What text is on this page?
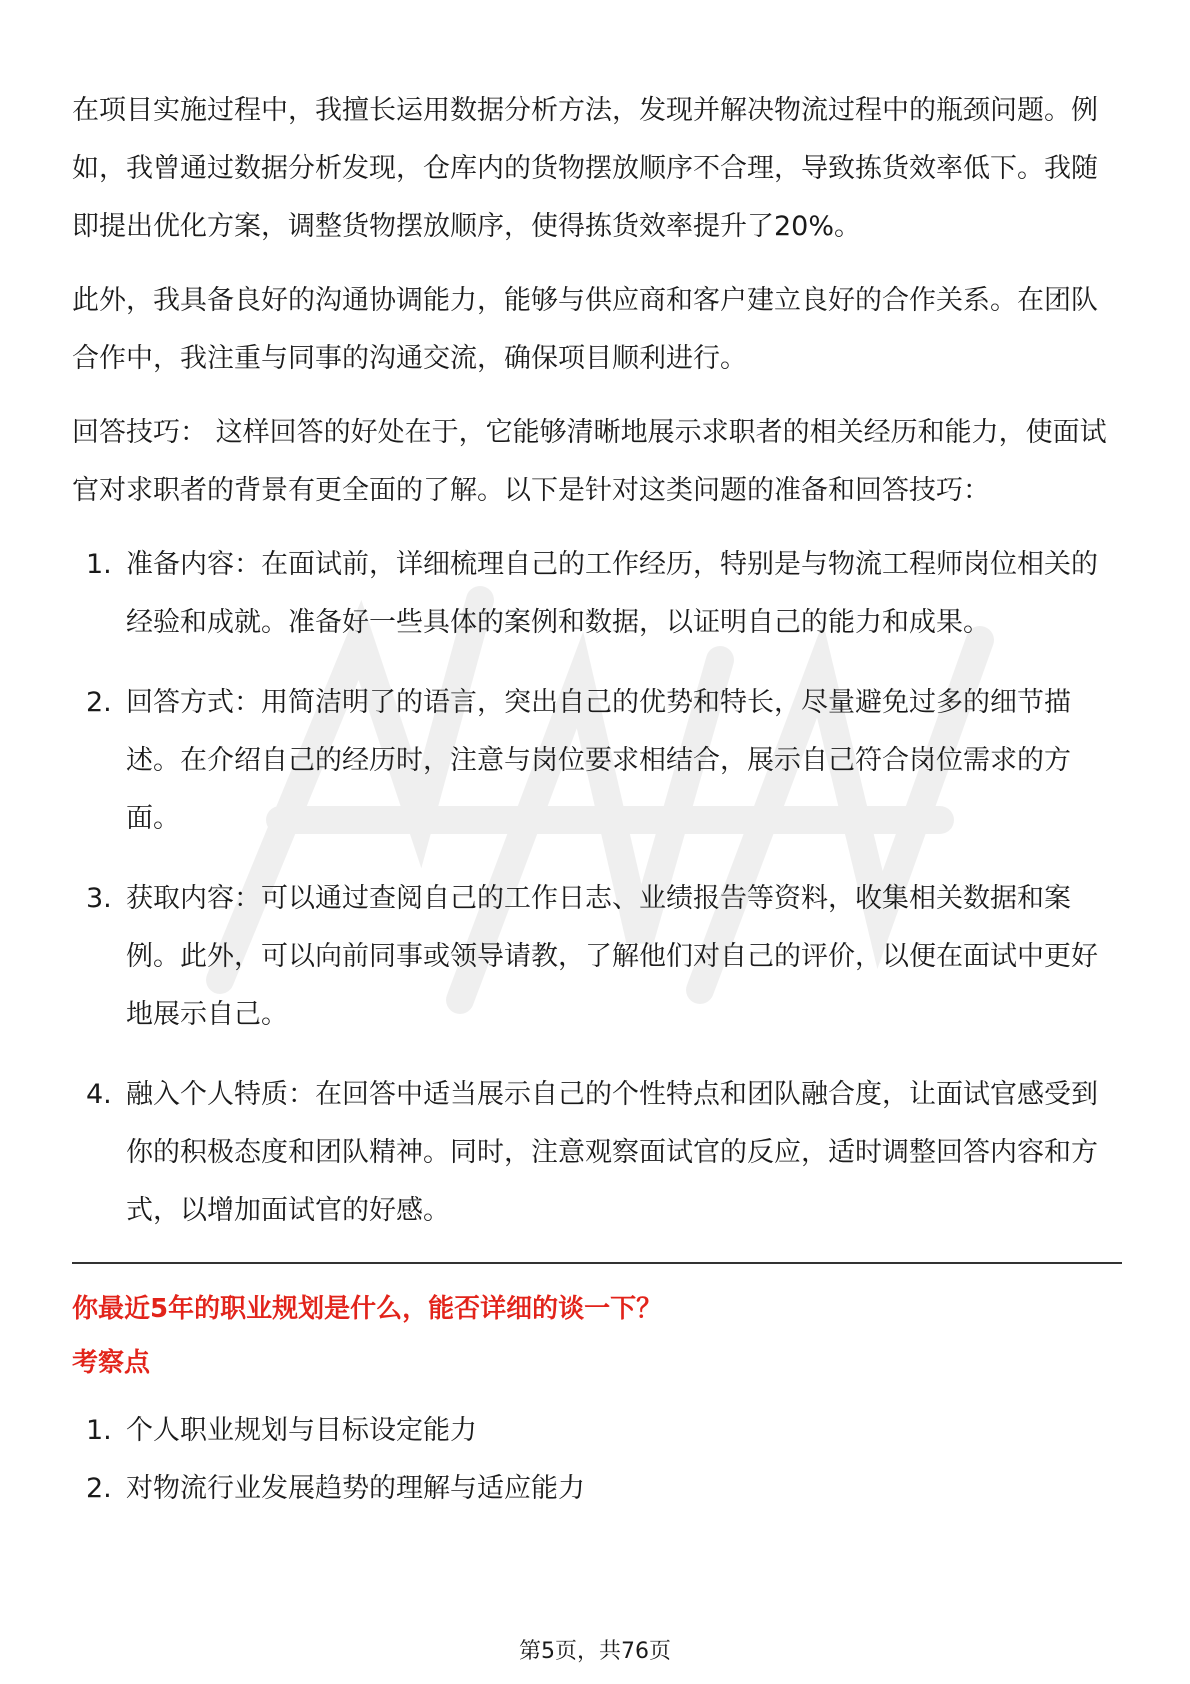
在项目实施过程中，我擅长运用数据分析方法，发现并解决物流过程中的瓶颈问题。例如，我曾通过数据分析发现，仓库内的货物摆放顺序不合理，导致拣货效率低下。我随即提出优化方案，调整货物摆放顺序，使得拣货效率提升了20%。

此外，我具备良好的沟通协调能力，能够与供应商和客户建立良好的合作关系。在团队合作中，我注重与同事的沟通交流，确保项目顺利进行。

回答技巧： 这样回答的好处在于，它能够清晰地展示求职者的相关经历和能力，使面试官对求职者的背景有更全面的了解。以下是针对这类问题的准备和回答技巧：

1. 准备内容：在面试前，详细梳理自己的工作经历，特别是与物流工程师岗位相关的经验和成就。准备好一些具体的案例和数据，以证明自己的能力和成果。
2. 回答方式：用简洁明了的语言，突出自己的优势和特长，尽量避免过多的细节描述。在介绍自己的经历时，注意与岗位要求相结合，展示自己符合岗位需求的方面。
3. 获取内容：可以通过查阅自己的工作日志、业绩报告等资料，收集相关数据和案例。此外，可以向前同事或领导请教，了解他们对自己的评价，以便在面试中更好地展示自己。
4. 融入个人特质：在回答中适当展示自己的个性特点和团队融合度，让面试官感受到你的积极态度和团队精神。同时，注意观察面试官的反应，适时调整回答内容和方式，以增加面试官的好感。

你最近5年的职业规划是什么，能否详细的谈一下？

考察点

1. 个人职业规划与目标设定能力
2. 对物流行业发展趋势的理解与适应能力
第5页，共76页
